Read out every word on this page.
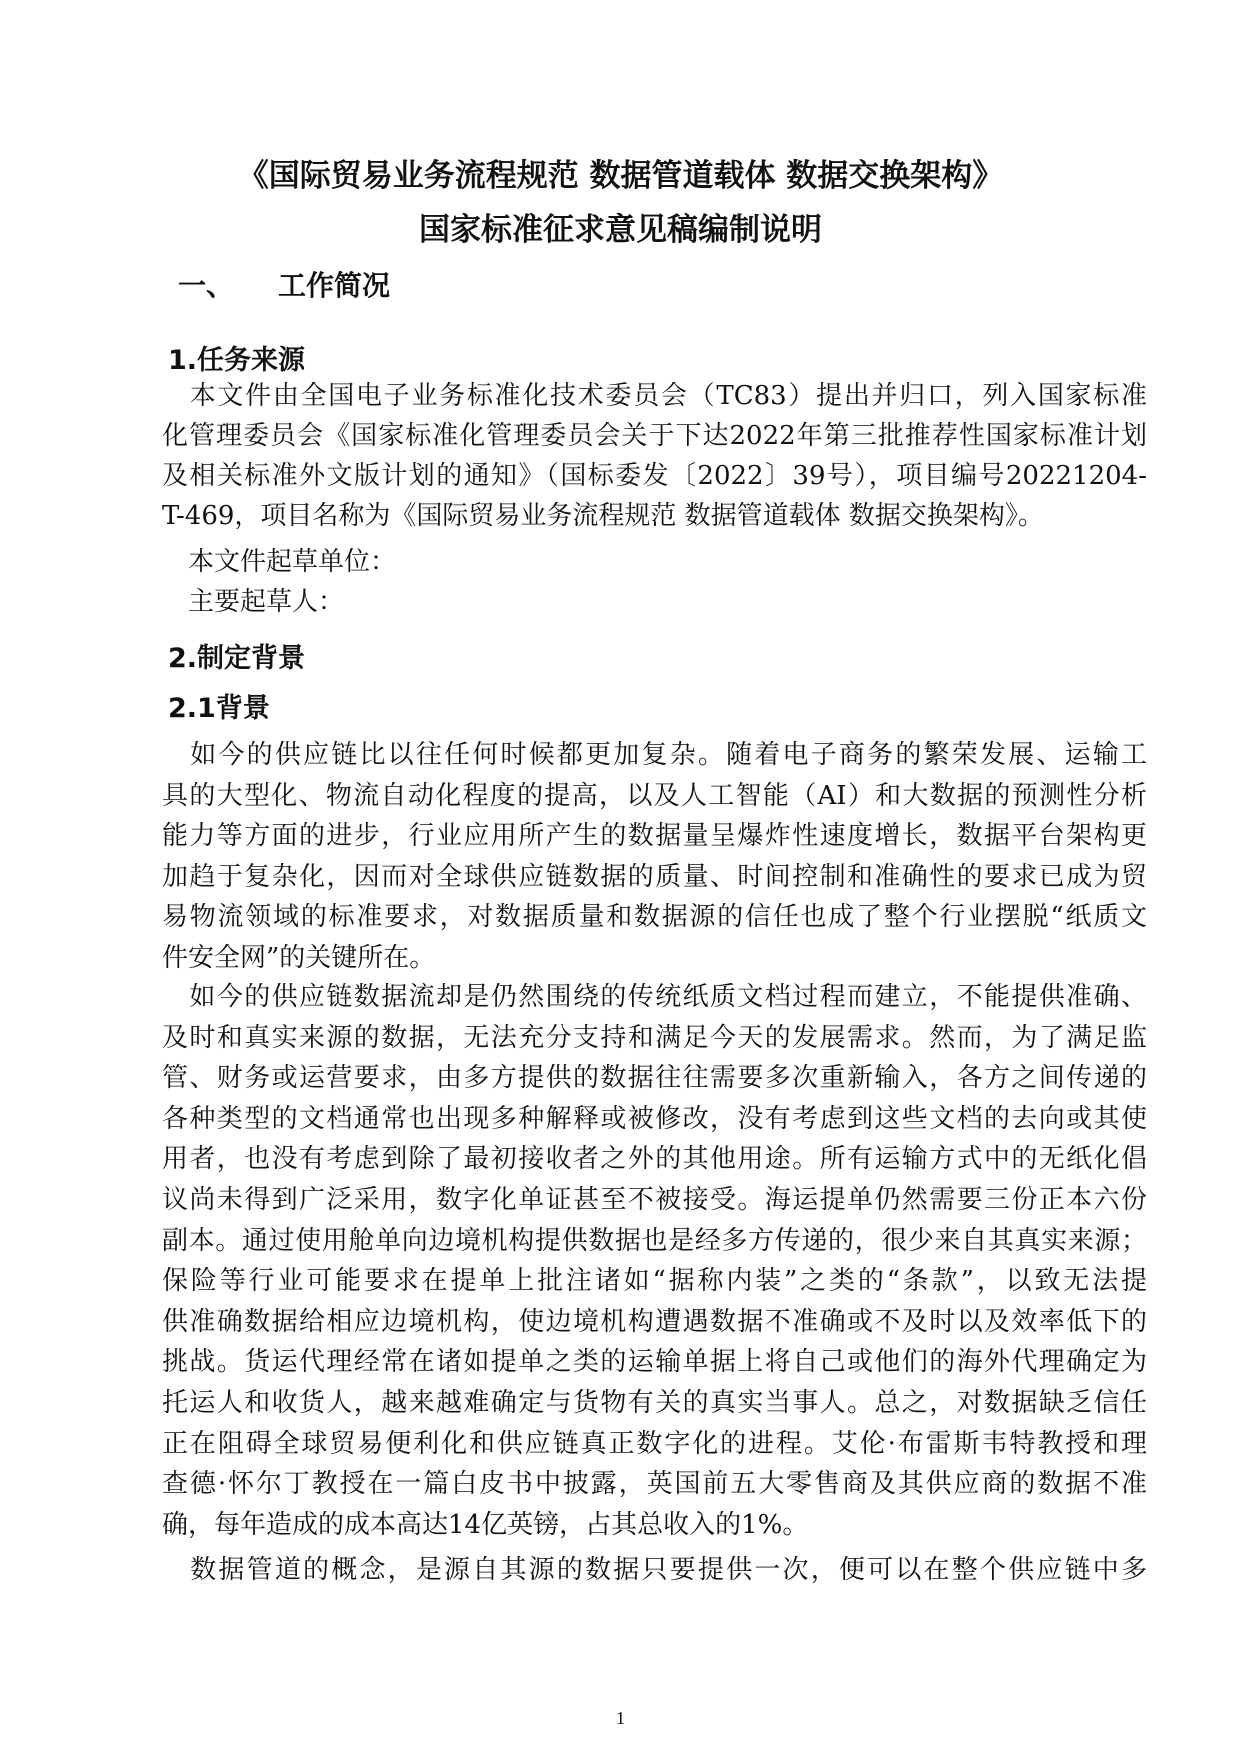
《国际贸易业务流程规范 数据管道载体 数据交换架构》
国家标准征求意见稿编制说明
一、 工作简况
1.任务来源
　本文件由全国电子业务标准化技术委员会（TC83）提出并归口，列入国家标准
化管理委员会《国家标准化管理委员会关于下达2022年第三批推荐性国家标准计划
及相关标准外文版计划的通知》（国标委发〔2022〕39号），项目编号20221204-
T-469，项目名称为《国际贸易业务流程规范 数据管道载体 数据交换架构》。
　本文件起草单位：
　主要起草人：
2.制定背景
2.1背景
　如今的供应链比以往任何时候都更加复杂。随着电子商务的繁荣发展、运输工
具的大型化、物流自动化程度的提高，以及人工智能（AI）和大数据的预测性分析
能力等方面的进步，行业应用所产生的数据量呈爆炸性速度增长，数据平台架构更
加趋于复杂化，因而对全球供应链数据的质量、时间控制和准确性的要求已成为贸
易物流领域的标准要求，对数据质量和数据源的信任也成了整个行业摆脱“纸质文
件安全网”的关键所在。
　如今的供应链数据流却是仍然围绕的传统纸质文档过程而建立，不能提供准确、
及时和真实来源的数据，无法充分支持和满足今天的发展需求。然而，为了满足监
管、财务或运营要求，由多方提供的数据往往需要多次重新输入，各方之间传递的
各种类型的文档通常也出现多种解释或被修改，没有考虑到这些文档的去向或其使
用者，也没有考虑到除了最初接收者之外的其他用途。所有运输方式中的无纸化倡
议尚未得到广泛采用，数字化单证甚至不被接受。海运提单仍然需要三份正本六份
副本。通过使用舱单向边境机构提供数据也是经多方传递的，很少来自其真实来源；
保险等行业可能要求在提单上批注诸如“据称内装”之类的“条款”，以致无法提
供准确数据给相应边境机构，使边境机构遭遇数据不准确或不及时以及效率低下的
挑战。货运代理经常在诸如提单之类的运输单据上将自己或他们的海外代理确定为
托运人和收货人，越来越难确定与货物有关的真实当事人。总之，对数据缺乏信任
正在阻碍全球贸易便利化和供应链真正数字化的进程。艾伦·布雷斯韦特教授和理
查德·怀尔丁教授在一篇白皮书中披露，英国前五大零售商及其供应商的数据不准
确，每年造成的成本高达14亿英镑，占其总收入的1%。
　数据管道的概念，是源自其源的数据只要提供一次，便可以在整个供应链中多
1
